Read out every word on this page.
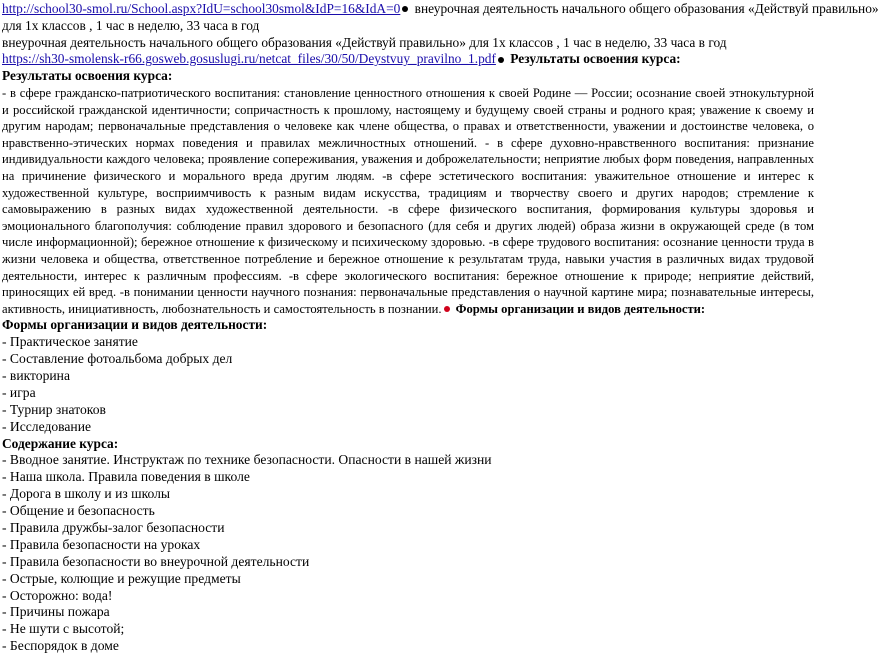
http://school30-smol.ru/School.aspx?IdU=school30smol&IdP=16&IdA=0 внеурочная деятельность начального общего образования «Действуй правильно»
для 1х классов , 1 час в неделю, 33 часа в год
внеурочная деятельность начального общего образования «Действуй правильно» для 1х классов , 1 час в неделю, 33 часа в год
https://sh30-smolensk-r66.gosweb.gosuslugi.ru/netcat_files/30/50/Deystvuy_pravilno_1.pdf Результаты освоения курса:
Результаты освоения курса:
- в сфере гражданско-патриотического воспитания: становление ценностного отношения к своей Родине — России; осознание своей этнокультурной и российской гражданской идентичности; сопричастность к прошлому, настоящему и будущему своей страны и родного края; уважение к своему и другим народам; первоначальные представления о человеке как члене общества, о правах и ответственности, уважении и достоинстве человека, о нравственно-этических нормах поведения и правилах межличностных отношений. - в сфере духовно-нравственного воспитания: признание индивидуальности каждого человека; проявление сопереживания, уважения и доброжелательности; неприятие любых форм поведения, направленных на причинение физического и морального вреда другим людям. -в сфере эстетического воспитания: уважительное отношение и интерес к художественной культуре, восприимчивость к разным видам искусства, традициям и творчеству своего и других народов; стремление к самовыражению в разных видах художественной деятельности. -в сфере физического воспитания, формирования культуры здоровья и эмоционального благополучия: соблюдение правил здорового и безопасного (для себя и других людей) образа жизни в окружающей среде (в том числе информационной); бережное отношение к физическому и психическому здоровью. -в сфере трудового воспитания: осознание ценности труда в жизни человека и общества, ответственное потребление и бережное отношение к результатам труда, навыки участия в различных видах трудовой деятельности, интерес к различным профессиям. -в сфере экологического воспитания: бережное отношение к природе; неприятие действий, приносящих ей вред. -в понимании ценности научного познания: первоначальные представления о научной картине мира; познавательные интересы, активность, инициативность, любознательность и самостоятельность в познании. Формы организации и видов деятельности:
Формы организации и видов деятельности:
- Практическое занятие
- Составление фотоальбома добрых дел
- викторина
- игра
- Турнир знатоков
- Исследование
Содержание курса:
- Вводное занятие. Инструктаж по технике безопасности. Опасности в нашей жизни
- Наша школа. Правила поведения в школе
- Дорога в школу и из школы
- Общение и безопасность
- Правила дружбы-залог безопасности
- Правила безопасности на уроках
- Правила безопасности во внеурочной деятельности
- Острые, колющие и режущие предметы
- Осторожно: вода!
- Причины пожара
- Не шути с высотой;
- Беспорядок в доме
